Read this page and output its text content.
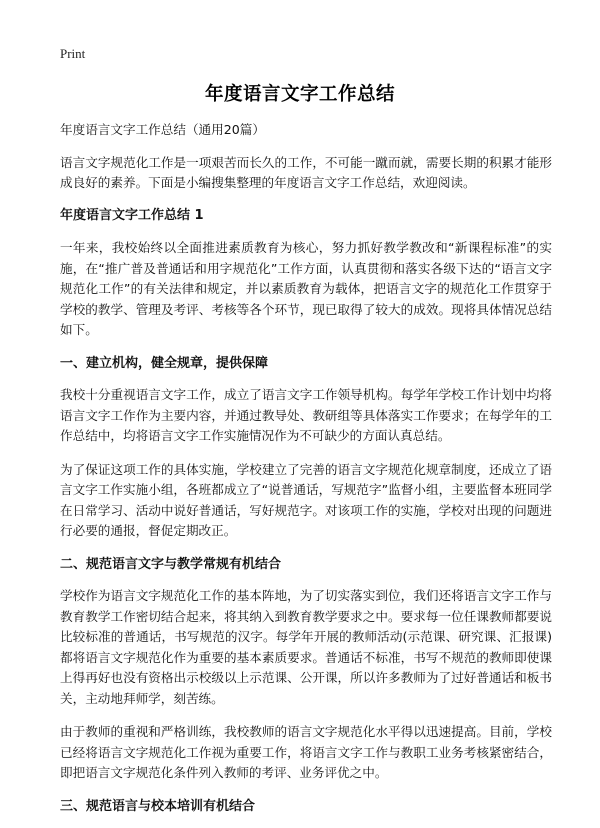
Print
年度语言文字工作总结

年度语言文字工作总结（通用20篇）

语言文字规范化工作是一项艰苦而长久的工作，不可能一蹴而就，需要长期的积累才能形成良好的素养。下面是小编搜集整理的年度语言文字工作总结，欢迎阅读。

年度语言文字工作总结 1

一年来，我校始终以全面推进素质教育为核心，努力抓好教学教改和“新课程标准”的实施，在“推广普及普通话和用字规范化”工作方面，认真贯彻和落实各级下达的“语言文字规范化工作”的有关法律和规定，并以素质教育为载体，把语言文字的规范化工作贯穿于学校的教学、管理及考评、考核等各个环节，现已取得了较大的成效。现将具体情况总结如下。

一、建立机构，健全规章，提供保障

我校十分重视语言文字工作，成立了语言文字工作领导机构。每学年学校工作计划中均将语言文字工作作为主要内容，并通过教导处、教研组等具体落实工作要求；在每学年的工作总结中，均将语言文字工作实施情况作为不可缺少的方面认真总结。

为了保证这项工作的具体实施，学校建立了完善的语言文字规范化规章制度，还成立了语言文字工作实施小组，各班都成立了“说普通话，写规范字”监督小组，主要监督本班同学在日常学习、活动中说好普通话，写好规范字。对该项工作的实施，学校对出现的问题进行必要的通报，督促定期改正。

二、规范语言文字与教学常规有机结合

学校作为语言文字规范化工作的基本阵地，为了切实落实到位，我们还将语言文字工作与教育教学工作密切结合起来，将其纳入到教育教学要求之中。要求每一位任课教师都要说比较标准的普通话，书写规范的汉字。每学年开展的教师活动(示范课、研究课、汇报课)都将语言文字规范化作为重要的基本素质要求。普通话不标准，书写不规范的教师即使课上得再好也没有资格出示校级以上示范课、公开课，所以许多教师为了过好普通话和板书关，主动地拜师学，刻苦练。

由于教师的重视和严格训练，我校教师的语言文字规范化水平得以迅速提高。目前，学校已经将语言文字规范化工作视为重要工作，将语言文字工作与教职工业务考核紧密结合，即把语言文字规范化条件列入教师的考评、业务评优之中。

三、规范语言与校本培训有机结合
